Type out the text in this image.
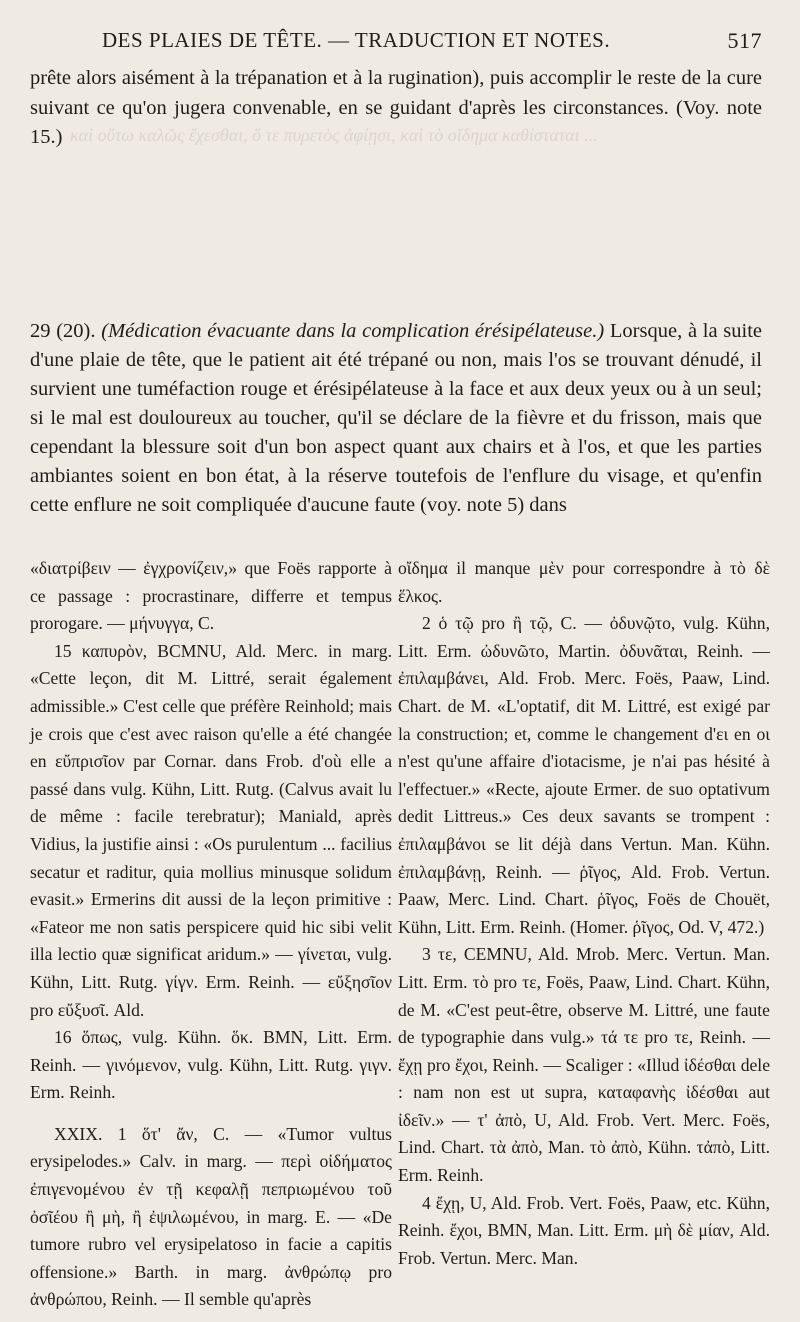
καὶ οὕτω καλῶς ἔχεσθαι, ὅ τε πυρετὸς ἀφίῃσι, καὶ τὸ οἴδημα καθίσταται ...
DES PLAIES DE TÊTE. — TRADUCTION ET NOTES.	517

prête alors aisément à la trépanation et à la rugination), puis accomplir le reste de la cure suivant ce qu'on jugera convenable, en se guidant d'après les circonstances. (Voy. note 15.)

29 (20). (Médication évacuante dans la complication érésipélateuse.) Lorsque, à la suite d'une plaie de tête, que le patient ait été trépané ou non, mais l'os se trouvant dénudé, il survient une tuméfaction rouge et érésipélateuse à la face et aux deux yeux ou à un seul; si le mal est douloureux au toucher, qu'il se déclare de la fièvre et du frisson, mais que cependant la blessure soit d'un bon aspect quant aux chairs et à l'os, et que les parties ambiantes soient en bon état, à la réserve toutefois de l'enflure du visage, et qu'enfin cette enflure ne soit compliquée d'aucune faute (voy. note 5) dans

«διατρίβειν — ἐγχρονίζειν,» que Foës rapporte à ce passage : procrastinare, differre et tempus prorogare. — μήνυγγα, C.

15 καπυρὸν, BCMNU, Ald. Merc. in marg. «Cette leçon, dit M. Littré, serait également admissible.» C'est celle que préfère Reinhold; mais je crois que c'est avec raison qu'elle a été changée en εὔπρισῖον par Cornar. dans Frob. d'où elle a passé dans vulg. Kühn, Litt. Rutg. (Calvus avait lu de même : facile terebratur); Manіald, après Vidius, la justifie ainsi : «Os purulentum ... facilius secatur et raditur, quia mollius minusque solidum evasit.» Ermerins dit aussi de la leçon primitive : «Fateor me non satis perspicere quid hic sibi velit illa lectio quæ significat aridum.» — γίνεται, vulg. Kühn, Litt. Rutg. γίγν. Erm. Reinh. — εὔξησῖον pro εὔξυσῖ. Ald.

16 ὅπως, vulg. Kühn. ὅκ. BMN, Litt. Erm. Reinh. — γινόμενον, vulg. Kühn, Litt. Rutg. γιγν. Erm. Reinh.

XXIX. 1 ὅτ' ἄν, C. — «Tumor vultus erysipelodes.» Calv. in marg. — περὶ οἰδήματος ἐπιγενομένου ἐν τῇ κεφαλῇ πεπριωμένου τοῦ ὀσῖέου ἢ μὴ, ἢ ἐψιλωμένου, in marg. E. — «De tumore rubro vel erysipelatoso in facie a capitis offensione.» Barth. in marg. ἀνθρώπῳ pro ἀνθρώπου, Reinh. — Il semble qu'après

οἴδημα il manque μὲν pour correspondre à τὸ δὲ ἕλκος.

2 ὁ τῷ pro ἢ τῷ, C. — ὀδυνῷτο, vulg. Kühn, Litt. Erm. ὠδυνῶτο, Martin. ὀδυνᾶται, Reinh. — ἐπιλαμβάνει, Ald. Frob. Merc. Foës, Paaw, Lind. Chart. de M. «L'optatif, dit M. Littré, est exigé par la construction; et, comme le changement d'ει en οι n'est qu'une affaire d'iotacisme, je n'ai pas hésité à l'effectuer.» «Recte, ajoute Ermer. de suo optativum dedit Littreus.» Ces deux savants se trompent : ἐπιλαμβάνοι se lit déjà dans Vertun. Man. Kühn. ἐπιλαμβάνῃ, Reinh. — ῥῖγος, Ald. Frob. Vertun. Paaw, Merc. Lind. Chart. ῥῖγος, Foës de Chouët, Kühn, Litt. Erm. Reinh. (Homer. ῥῖγος, Od. V, 472.)

3 τε, CEMNU, Ald. Mrob. Merc. Vertun. Man. Litt. Erm. τὸ pro τε, Foës, Paaw, Lind. Chart. Kühn, de M. «C'est peut-être, observe M. Littré, une faute de typographie dans vulg.» τά τε pro τε, Reinh. — ἔχῃ pro ἔχοι, Reinh. — Scaliger : «Illud ἰδέσθαι dele : nam non est ut supra, καταφανὴς ἰδέσθαι aut ἰδεῖν.» — τ' ἀπὸ, U, Ald. Frob. Vert. Merc. Foës, Lind. Chart. τὰ ἀπὸ, Man. τὸ ἀπὸ, Kühn. τἀπὸ, Litt. Erm. Reinh.

4 ἔχῃ, U, Ald. Frob. Vert. Foës, Paaw, etc. Kühn, Reinh. ἔχοι, BMN, Man. Litt. Erm. μὴ δὲ μίαν, Ald. Frob. Vertun. Merc. Man.
